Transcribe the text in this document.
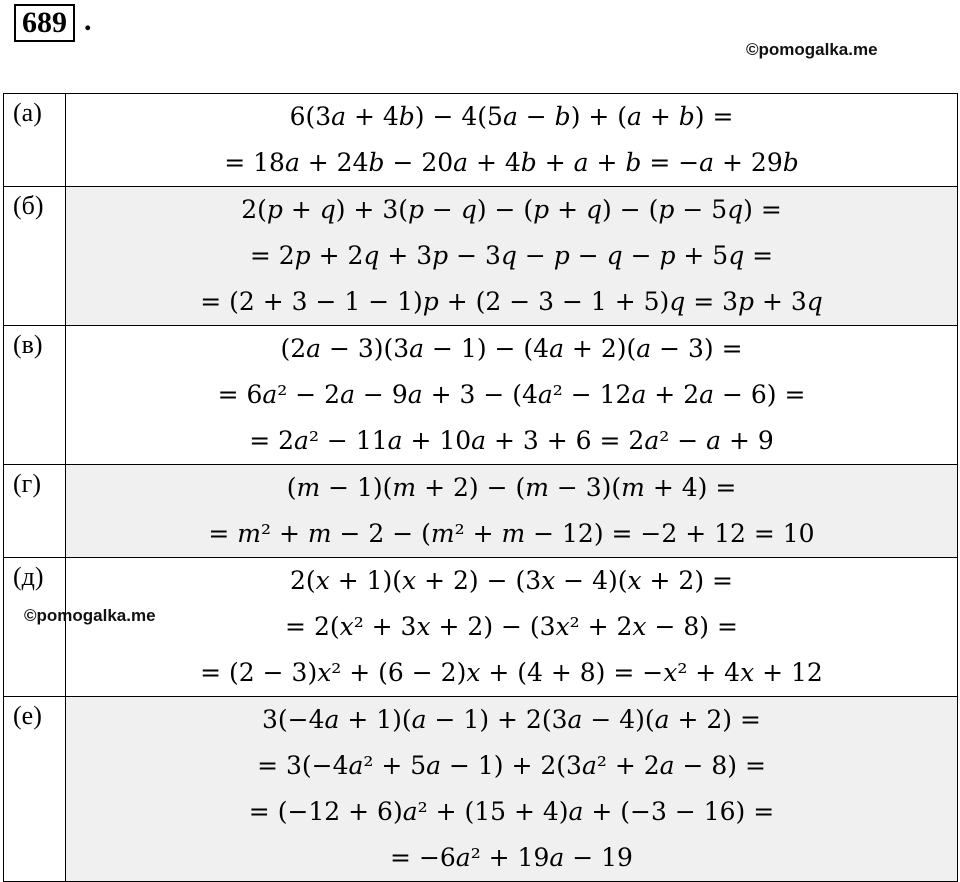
689 .
©pomogalka.me
(а)	6(3𝑎 + 4𝑏) − 4(5𝑎 − 𝑏) + (𝑎 + 𝑏) =
= 18𝑎 + 24𝑏 − 20𝑎 + 4𝑏 + 𝑎 + 𝑏 = −𝑎 + 29𝑏

(б)	2(𝑝 + 𝑞) + 3(𝑝 − 𝑞) − (𝑝 + 𝑞) − (𝑝 − 5𝑞) =
= 2𝑝 + 2𝑞 + 3𝑝 − 3𝑞 − 𝑝 − 𝑞 − 𝑝 + 5𝑞 =
= (2 + 3 − 1 − 1)𝑝 + (2 − 3 − 1 + 5)𝑞 = 3𝑝 + 3𝑞

(в)	(2𝑎 − 3)(3𝑎 − 1) − (4𝑎 + 2)(𝑎 − 3) =
= 6𝑎² − 2𝑎 − 9𝑎 + 3 − (4𝑎² − 12𝑎 + 2𝑎 − 6) =
= 2𝑎² − 11𝑎 + 10𝑎 + 3 + 6 = 2𝑎² − 𝑎 + 9

(г)	(𝑚 − 1)(𝑚 + 2) − (𝑚 − 3)(𝑚 + 4) =
= 𝑚² + 𝑚 − 2 − (𝑚² + 𝑚 − 12) = −2 + 12 = 10

(д)	2(𝑥 + 1)(𝑥 + 2) − (3𝑥 − 4)(𝑥 + 2) =
= 2(𝑥² + 3𝑥 + 2) − (3𝑥² + 2𝑥 − 8) =
= (2 − 3)𝑥² + (6 − 2)𝑥 + (4 + 8) = −𝑥² + 4𝑥 + 12

(е)	3(−4𝑎 + 1)(𝑎 − 1) + 2(3𝑎 − 4)(𝑎 + 2) =
= 3(−4𝑎² + 5𝑎 − 1) + 2(3𝑎² + 2𝑎 − 8) =
= (−12 + 6)𝑎² + (15 + 4)𝑎 + (−3 − 16) =
= −6𝑎² + 19𝑎 − 19
©pomogalka.me
